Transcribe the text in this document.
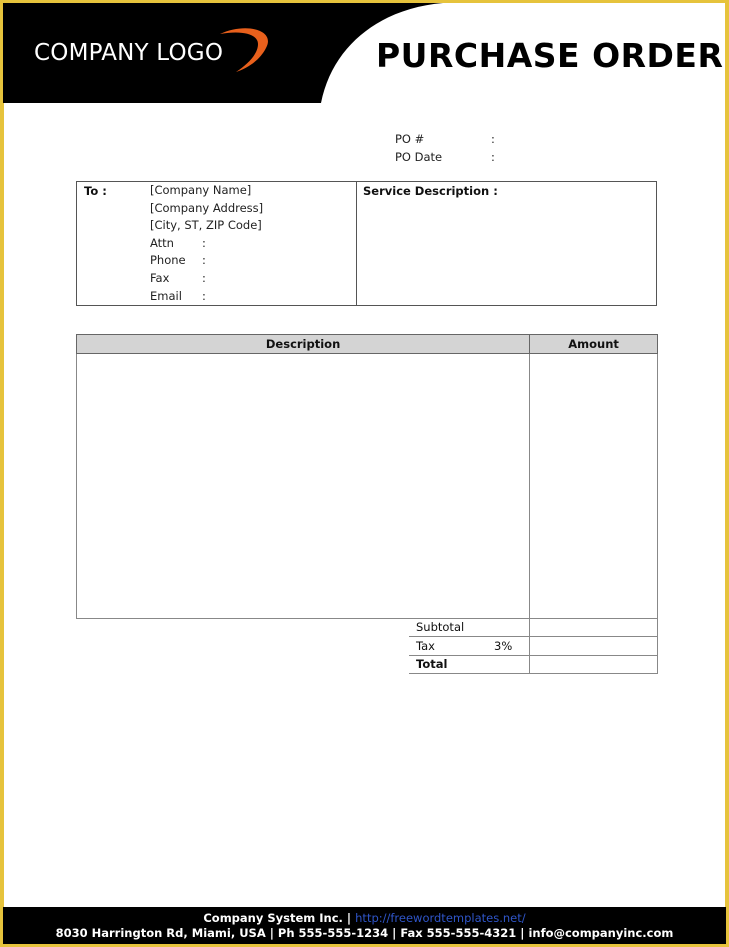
COMPANY LOGO	PURCHASE ORDER
PO #	:
PO Date	:
To :	[Company Name]
[Company Address]
[City, ST, ZIP Code]
Attn	:
Phone	:
Fax	:
Email	:
Service Description :
Description	Amount

Subtotal	
Tax 3%	

Total	
Company System Inc. | http://freewordtemplates.net/
8030 Harrington Rd, Miami, USA | Ph 555-555-1234 | Fax 555-555-4321 | info@companyinc.com
